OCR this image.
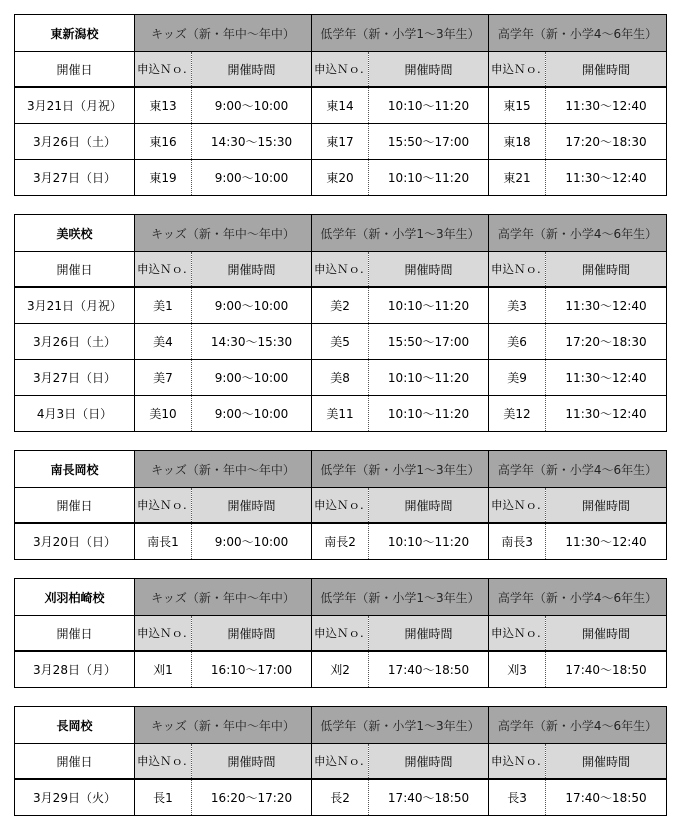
東新潟校	キッズ（新・年中～年中）		低学年（新・小学1～3年生）		高学年（新・小学4～6年生）	
開催日	申込Ｎｏ.	開催時間	申込Ｎｏ.	開催時間	申込Ｎｏ.	開催時間
3月21日（月祝）	東13	9:00～10:00	東14	10:10～11:20	東15	11:30～12:40
3月26日（土）	東16	14:30～15:30	東17	15:50～17:00	東18	17:20～18:30
3月27日（日）	東19	9:00～10:00	東20	10:10～11:20	東21	11:30～12:40
美咲校	キッズ（新・年中～年中）		低学年（新・小学1～3年生）		高学年（新・小学4～6年生）	
開催日	申込Ｎｏ.	開催時間	申込Ｎｏ.	開催時間	申込Ｎｏ.	開催時間
3月21日（月祝）	美1	9:00～10:00	美2	10:10～11:20	美3	11:30～12:40
3月26日（土）	美4	14:30～15:30	美5	15:50～17:00	美6	17:20～18:30
3月27日（日）	美7	9:00～10:00	美8	10:10～11:20	美9	11:30～12:40
4月3日（日）	美10	9:00～10:00	美11	10:10～11:20	美12	11:30～12:40
南長岡校	キッズ（新・年中～年中）		低学年（新・小学1～3年生）		高学年（新・小学4～6年生）	
開催日	申込Ｎｏ.	開催時間	申込Ｎｏ.	開催時間	申込Ｎｏ.	開催時間
3月20日（日）	南長1	9:00～10:00	南長2	10:10～11:20	南長3	11:30～12:40
刈羽柏崎校	キッズ（新・年中～年中）		低学年（新・小学1～3年生）		高学年（新・小学4～6年生）	
開催日	申込Ｎｏ.	開催時間	申込Ｎｏ.	開催時間	申込Ｎｏ.	開催時間
3月28日（月）	刈1	16:10～17:00	刈2	17:40～18:50	刈3	17:40～18:50
長岡校	キッズ（新・年中～年中）		低学年（新・小学1～3年生）		高学年（新・小学4～6年生）	
開催日	申込Ｎｏ.	開催時間	申込Ｎｏ.	開催時間	申込Ｎｏ.	開催時間
3月29日（火）	長1	16:20～17:20	長2	17:40～18:50	長3	17:40～18:50
